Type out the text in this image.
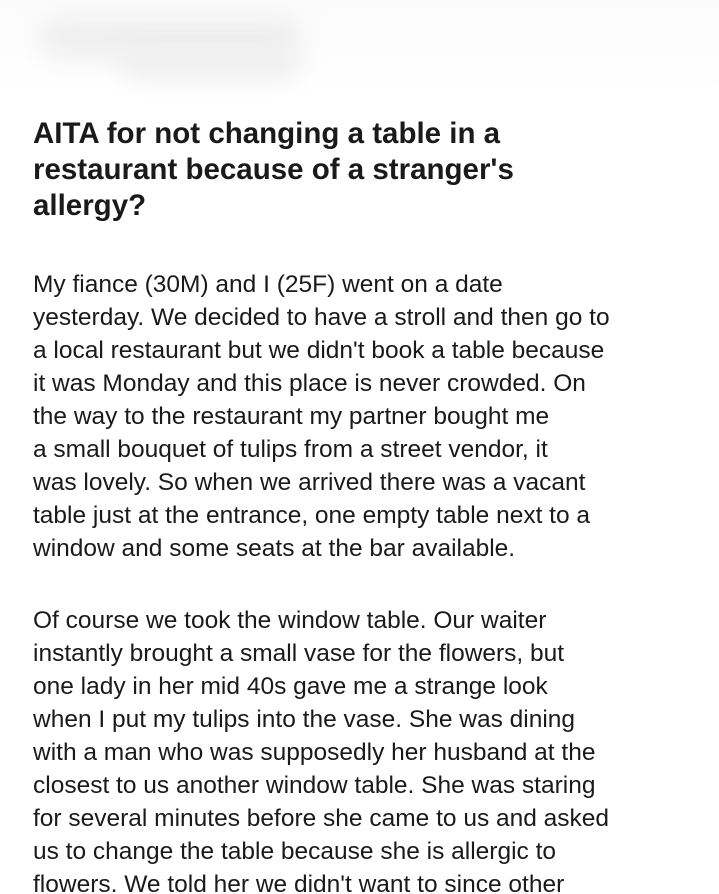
AITA for not changing a table in a
restaurant because of a stranger's
allergy?

My fiance (30M) and I (25F) went on a date
yesterday. We decided to have a stroll and then go to
a local restaurant but we didn't book a table because
it was Monday and this place is never crowded. On
the way to the restaurant my partner bought me
a small bouquet of tulips from a street vendor, it
was lovely. So when we arrived there was a vacant
table just at the entrance, one empty table next to a
window and some seats at the bar available.

Of course we took the window table. Our waiter
instantly brought a small vase for the flowers, but
one lady in her mid 40s gave me a strange look
when I put my tulips into the vase. She was dining
with a man who was supposedly her husband at the
closest to us another window table. She was staring
for several minutes before she came to us and asked
us to change the table because she is allergic to
flowers. We told her we didn't want to since other
